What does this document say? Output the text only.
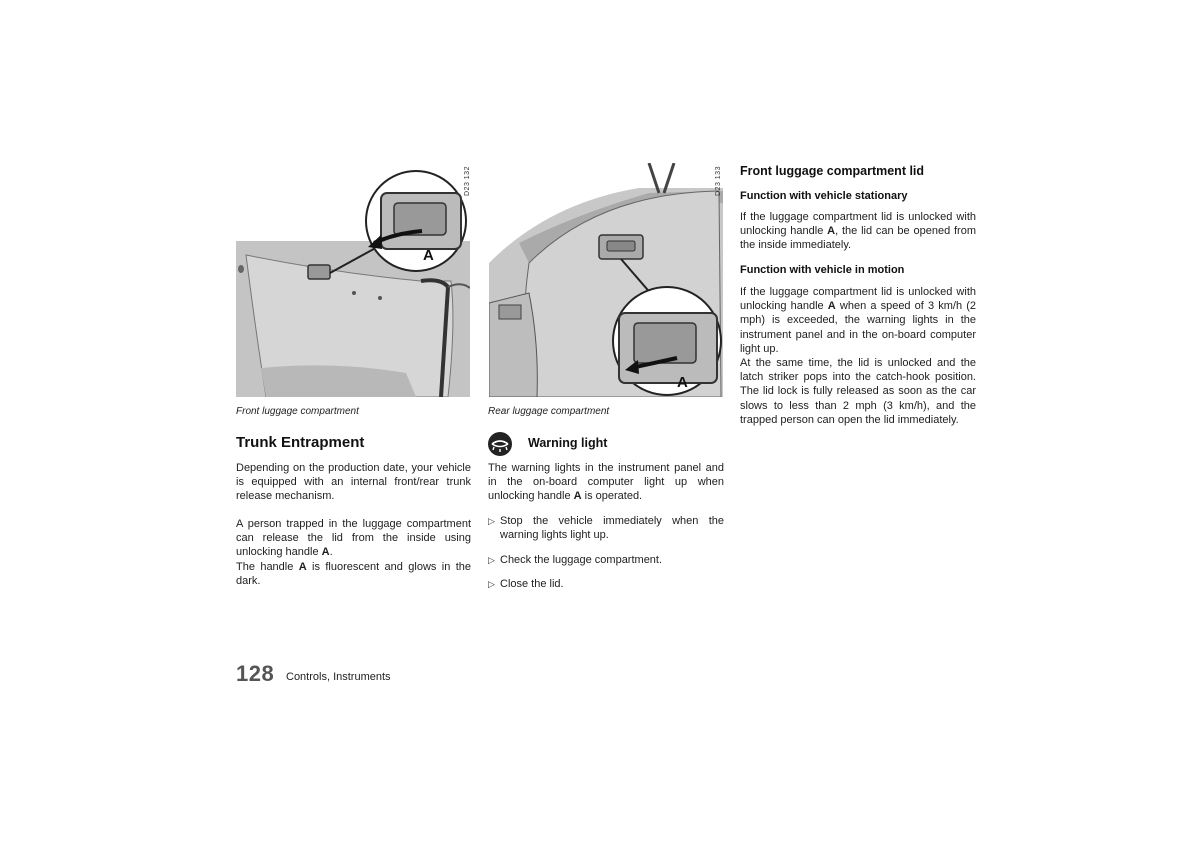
A
D23 132
Front luggage compartment
A
D23 133
Rear luggage compartment
Trunk Entrapment

Depending on the production date, your vehicle is equipped with an internal front/rear trunk release mechanism.

A person trapped in the luggage compartment can release the lid from the inside using unlocking handle A.
The handle A is fluorescent and glows in the dark.

Warning light

The warning lights in the instrument panel and in the on-board computer light up when unlocking handle A is operated.

▷ Stop the vehicle immediately when the warning lights light up.
▷ Check the luggage compartment.
▷ Close the lid.
Front luggage compartment lid
Function with vehicle stationary

If the luggage compartment lid is unlocked with unlocking handle A, the lid can be opened from the inside immediately.

Function with vehicle in motion

If the luggage compartment lid is unlocked with unlocking handle A when a speed of 3 km/h (2 mph) is exceeded, the warning lights in the instrument panel and in the on-board computer light up.
At the same time, the lid is unlocked and the latch striker pops into the catch-hook position. The lid lock is fully released as soon as the car slows to less than 2 mph (3 km/h), and the trapped person can open the lid immediately.

128 Controls, Instruments
